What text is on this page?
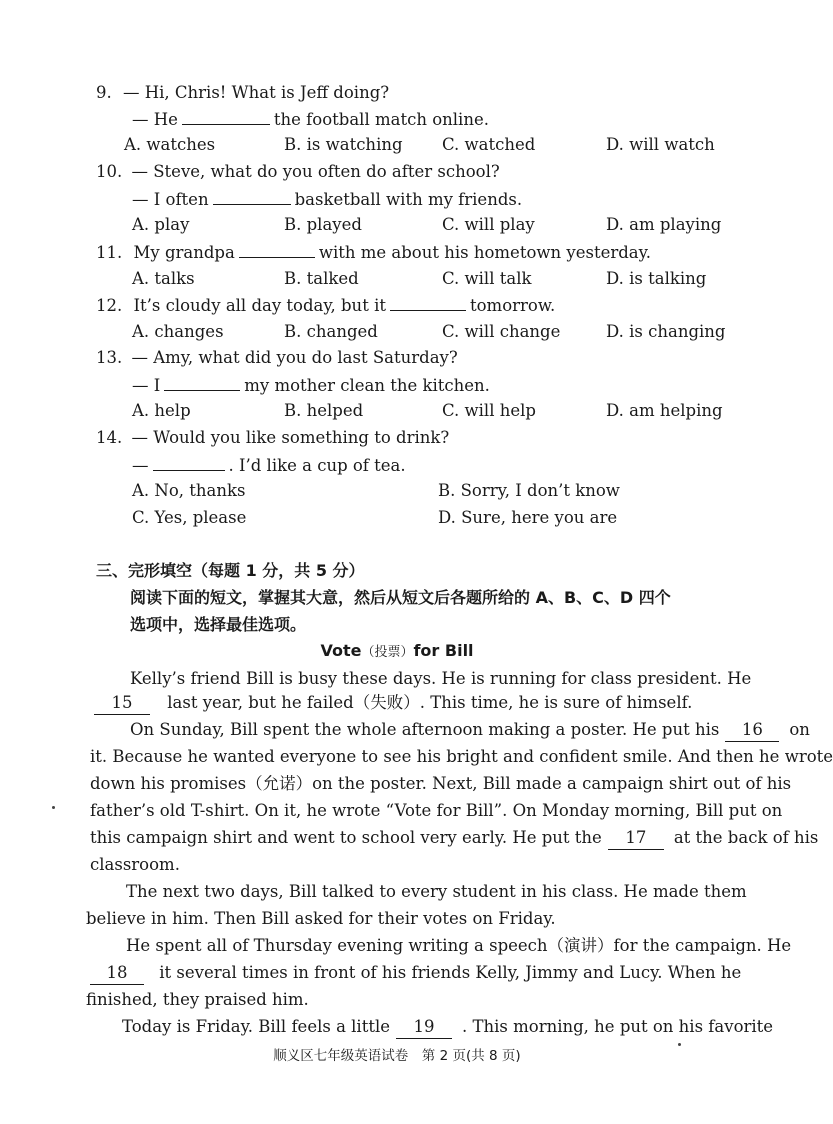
9. — Hi, Chris! What is Jeff doing?
— He	the football match online.
A. watches	B. is watching C. watched	D. will watch
10. — Steve, what do you often do after school?
— I often	basketball with my friends.
A. play	B. played	C. will play	D. am playing
11. My grandpa	with me about his hometown yesterday.
A. talks	B. talked	C. will talk	D. is talking
12. It’s cloudy all day today, but it	tomorrow.
A. changes	B. changed	C. will change	D. is changing
13. — Amy, what did you do last Saturday?
— I	my mother clean the kitchen.
A. help	B. helped	C. will help	D. am helping
14. — Would you like something to drink?
—	. I’d like a cup of tea.
A. No, thanks	B. Sorry, I don’t know
C. Yes, please	D. Sure, here you are
三、完形填空（每题 1 分，共 5 分）
阅读下面的短文，掌握其大意，然后从短文后各题所给的 A、B、C、D 四个
选项中，选择最佳选项。
Vote（投票）for Bill
Kelly’s friend Bill is busy these days. He is running for class president. He
15 last year, but he failed（失败）. This time, he is sure of himself.
On Sunday, Bill spent the whole afternoon making a poster. He put his 16 on
it. Because he wanted everyone to see his bright and confident smile. And then he wrote
down his promises（允诺）on the poster. Next, Bill made a campaign shirt out of his
father’s old T-shirt. On it, he wrote “Vote for Bill”. On Monday morning, Bill put on
this campaign shirt and went to school very early. He put the 17 at the back of his
classroom.
The next two days, Bill talked to every student in his class. He made them
believe in him. Then Bill asked for their votes on Friday.
He spent all of Thursday evening writing a speech（演讲）for the campaign. He
18 it several times in front of his friends Kelly, Jimmy and Lucy. When he
finished, they praised him.
Today is Friday. Bill feels a little 19 . This morning, he put on his favorite
顺义区七年级英语试卷　第 2 页(共 8 页)
